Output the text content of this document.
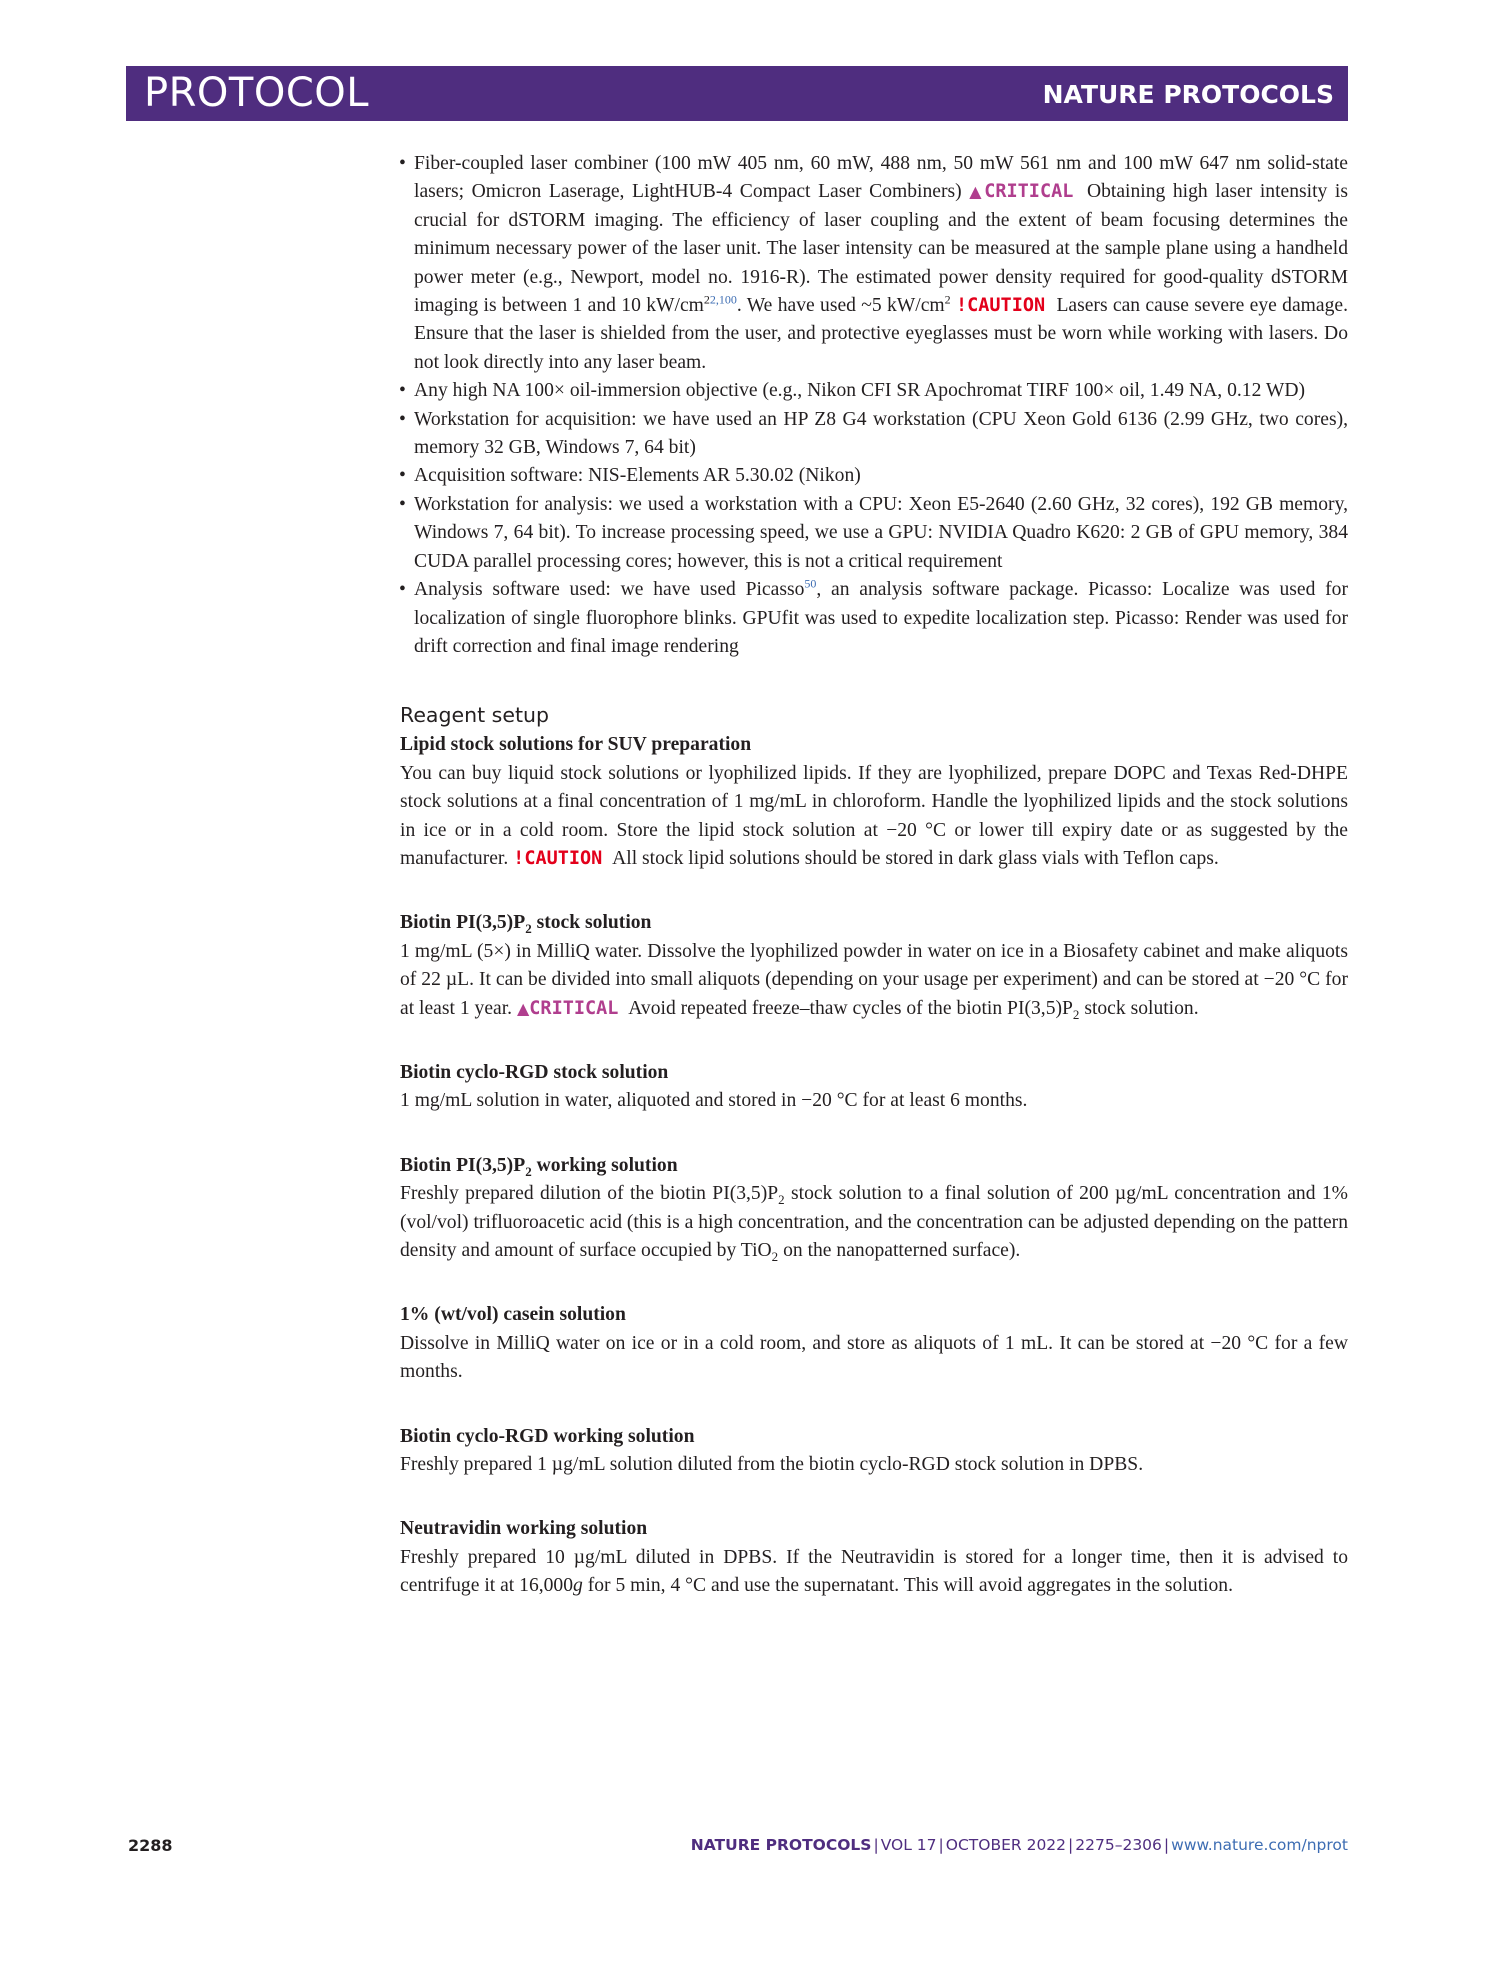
PROTOCOL	NATURE PROTOCOLS
• Fiber-coupled laser combiner (100 mW 405 nm, 60 mW, 488 nm, 50 mW 561 nm and 100 mW 647 nm solid-state lasers; Omicron Laserage, LightHUB-4 Compact Laser Combiners) ▲CRITICAL Obtaining high laser intensity is crucial for dSTORM imaging. The efficiency of laser coupling and the extent of beam focusing determines the minimum necessary power of the laser unit. The laser intensity can be measured at the sample plane using a handheld power meter (e.g., Newport, model no. 1916-R). The estimated power density required for good-quality dSTORM imaging is between 1 and 10 kW/cm$^{22,100}$. We have used ~5 $kW/cm^2$ !CAUTION Lasers can cause severe eye damage. Ensure that the laser is shielded from the user, and protective eyeglasses must be worn while working with lasers. Do not look directly into any laser beam.
• Any high NA 100× oil-immersion objective (e.g., Nikon CFI SR Apochromat TIRF 100× oil, 1.49 NA, 0.12 WD)
• Workstation for acquisition: we have used an HP Z8 G4 workstation (CPU Xeon Gold 6136 (2.99 GHz, two cores), memory 32 GB, Windows 7, 64 bit)
• Acquisition software: NIS-Elements AR 5.30.02 (Nikon)
• Workstation for analysis: we used a workstation with a CPU: Xeon E5-2640 (2.60 GHz, 32 cores), 192 GB memory, Windows 7, 64 bit). To increase processing speed, we use a GPU: NVIDIA Quadro K620: 2 GB of GPU memory, 384 CUDA parallel processing cores; however, this is not a critical requirement
• Analysis software used: we have used Picasso$^{50}$, an analysis software package. Picasso: Localize was used for localization of single fluorophore blinks. GPUfit was used to expedite localization step. Picasso: Render was used for drift correction and final image rendering
Reagent setup
Lipid stock solutions for SUV preparation

You can buy liquid stock solutions or lyophilized lipids. If they are lyophilized, prepare DOPC and Texas Red-DHPE stock solutions at a final concentration of 1 mg/mL in chloroform. Handle the lyophilized lipids and the stock solutions in ice or in a cold room. Store the lipid stock solution at −20 °C or lower till expiry date or as suggested by the manufacturer. !CAUTION All stock lipid solutions should be stored in dark glass vials with Teflon caps.

Biotin $PI(3,5)P_2$ stock solution

1 mg/mL (5×) in MilliQ water. Dissolve the lyophilized powder in water on ice in a Biosafety cabinet and make aliquots of 22 µL. It can be divided into small aliquots (depending on your usage per experiment) and can be stored at −20 °C for at least 1 year. ▲CRITICAL Avoid repeated freeze–thaw cycles of the biotin $PI(3,5)P_2$ stock solution.

Biotin cyclo-RGD stock solution

1 mg/mL solution in water, aliquoted and stored in −20 °C for at least 6 months.

Biotin $PI(3,5)P_2$ working solution

Freshly prepared dilution of the biotin $PI(3,5)P_2$ stock solution to a final solution of 200 µg/mL concentration and 1% (vol/vol) trifluoroacetic acid (this is a high concentration, and the concentration can be adjusted depending on the pattern density and amount of surface occupied by TiO$_2$ on the nanopatterned surface).

1% (wt/vol) casein solution

Dissolve in MilliQ water on ice or in a cold room, and store as aliquots of 1 mL. It can be stored at −20 °C for a few months.

Biotin cyclo-RGD working solution

Freshly prepared 1 µg/mL solution diluted from the biotin cyclo-RGD stock solution in DPBS.

Neutravidin working solution

Freshly prepared 10 µg/mL diluted in DPBS. If the Neutravidin is stored for a longer time, then it is advised to centrifuge it at 16,000g for 5 min, 4 °C and use the supernatant. This will avoid aggregates in the solution.

2288	NATURE PROTOCOLS | VOL 17 | OCTOBER 2022 | 2275–2306 | www.nature.com/nprot
